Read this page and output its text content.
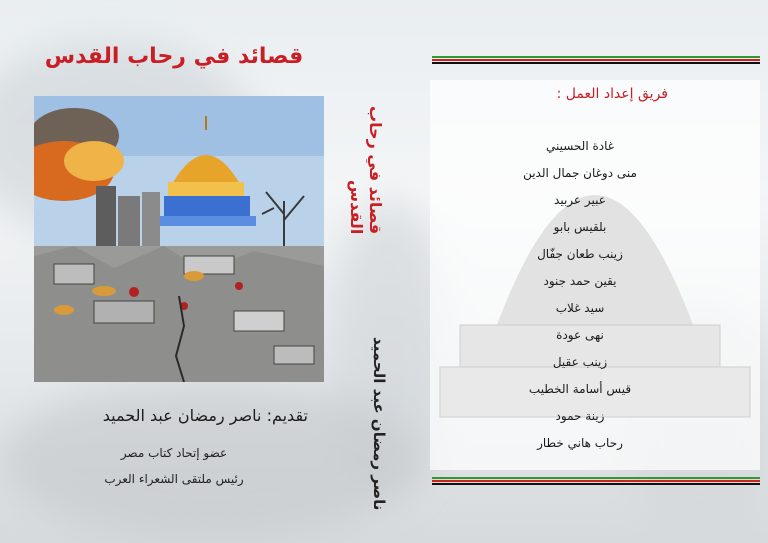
قصائد في رحاب القدس
تقديم: ناصر رمضان عبد الحميد
عضو إتحاد كتاب مصر
رئيس ملتقى الشعراء العرب
قصائد في رحاب القدس
ناصر رمضان عبد الحميد
فريق إعداد العمل :
غادة الحسيني
منى دوغان جمال الدين
عبير عربيد
بلقيس بابو
زينب طعان جفّال
يقين حمد جنود
سيد غلاب
نهى عودة
زينب عقيل
قيس أسامة الخطيب
زينة حمود
رحاب هاني خطار
